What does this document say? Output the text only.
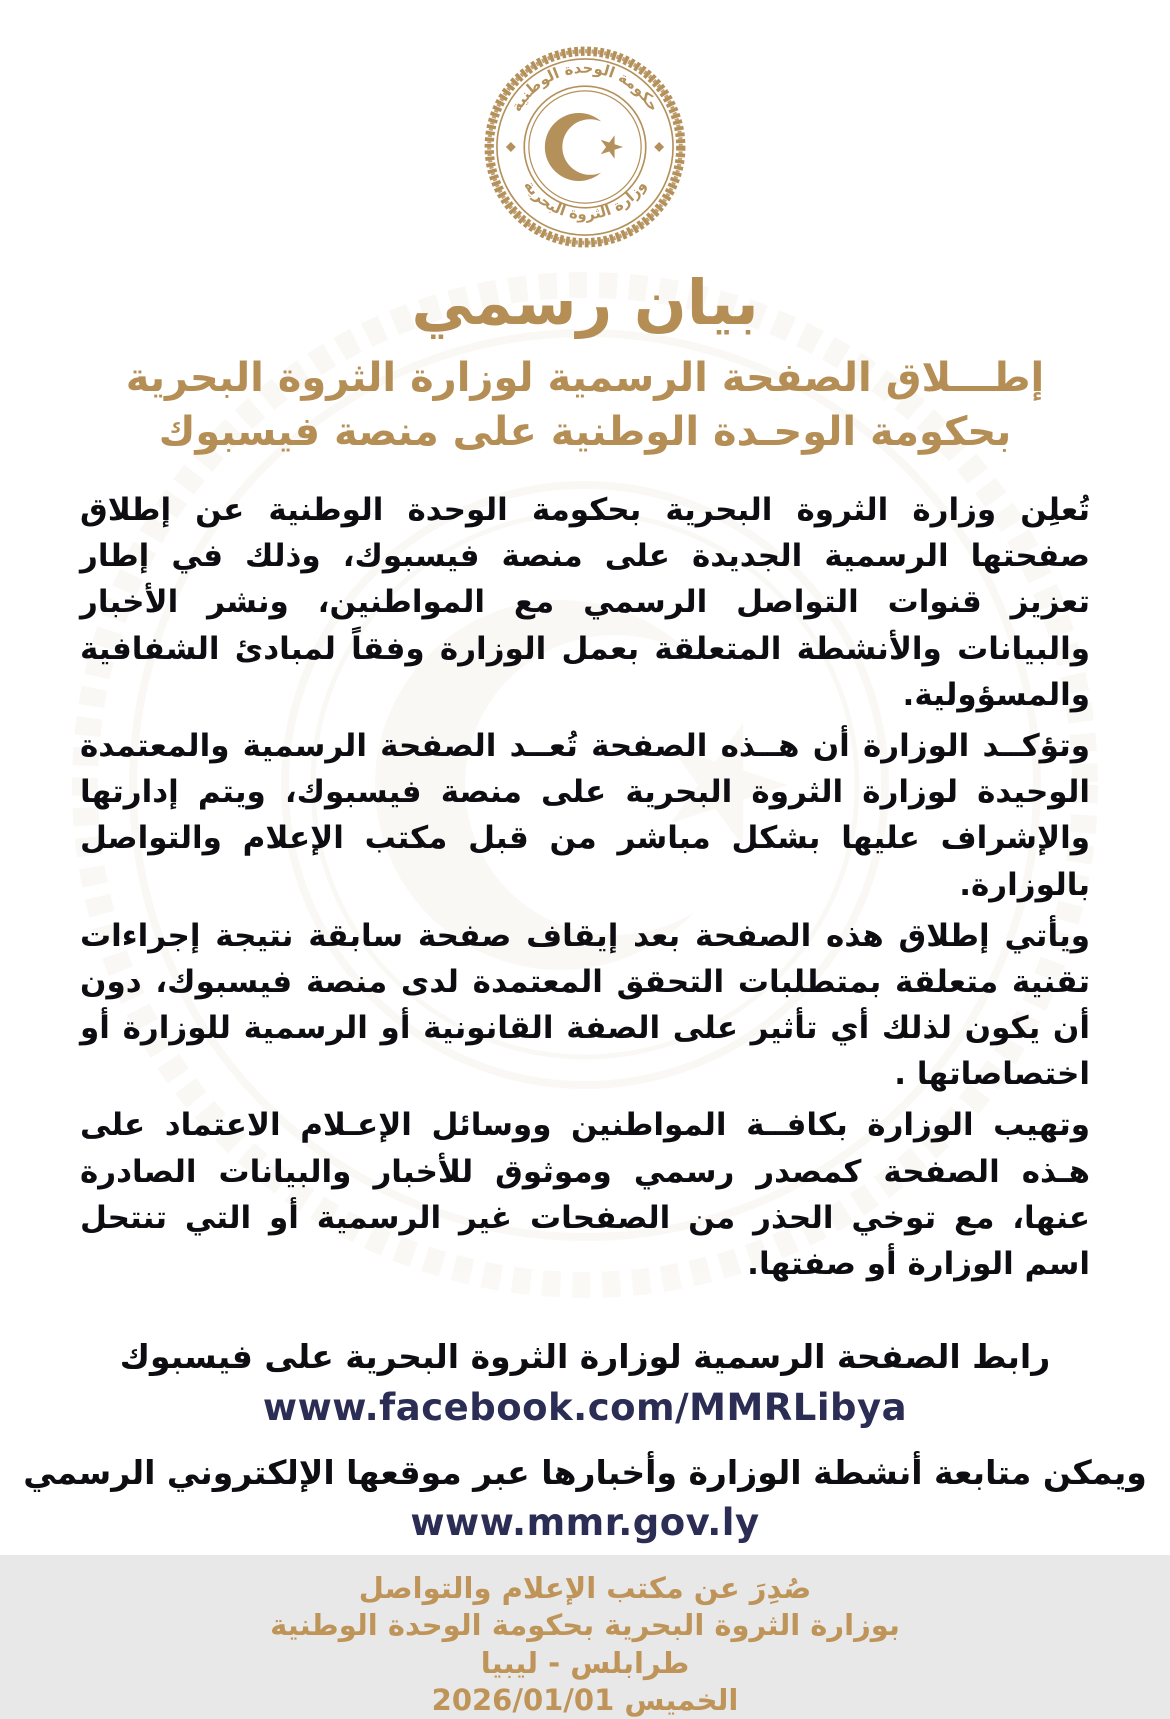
حكومة الوحدة الوطنية
وزارة الثروة البحرية
بيان رسمي
إطـــلاق الصفحة الرسمية لوزارة الثروة البحرية
بحكومة الوحـدة الوطنية على منصة فيسبوك

تُعلِن وزارة الثروة البحرية بحكومة الوحدة الوطنية عن إطلاق صفحتها الرسمية الجديدة على منصة فيسبوك، وذلك في إطار تعزيز قنوات التواصل الرسمي مع المواطنين، ونشر الأخبار والبيانات والأنشطة المتعلقة بعمل الوزارة وفقاً لمبادئ الشفافية والمسؤولية.

وتؤكــد الوزارة أن هــذه الصفحة تُعــد الصفحة الرسمية والمعتمدة الوحيدة لوزارة الثروة البحرية على منصة فيسبوك، ويتم إدارتها والإشراف عليها بشكل مباشر من قبل مكتب الإعلام والتواصل بالوزارة.

ويأتي إطلاق هذه الصفحة بعد إيقاف صفحة سابقة نتيجة إجراءات تقنية متعلقة بمتطلبات التحقق المعتمدة لدى منصة فيسبوك، دون أن يكون لذلك أي تأثير على الصفة القانونية أو الرسمية للوزارة أو اختصاصاتها .

وتهيب الوزارة بكافــة المواطنين ووسائل الإعـلام الاعتماد على هـذه الصفحة كمصدر رسمي وموثوق للأخبار والبيانات الصادرة عنها، مع توخي الحذر من الصفحات غير الرسمية أو التي تنتحل اسم الوزارة أو صفتها.

رابط الصفحة الرسمية لوزارة الثروة البحرية على فيسبوك
www.facebook.com/MMRLibya
ويمكن متابعة أنشطة الوزارة وأخبارها عبر موقعها الإلكتروني الرسمي
www.mmr.gov.ly
صُدِرَ عن مكتب الإعلام والتواصل
بوزارة الثروة البحرية بحكومة الوحدة الوطنية
طرابلس - ليبيا
الخميس 2026/01/01
